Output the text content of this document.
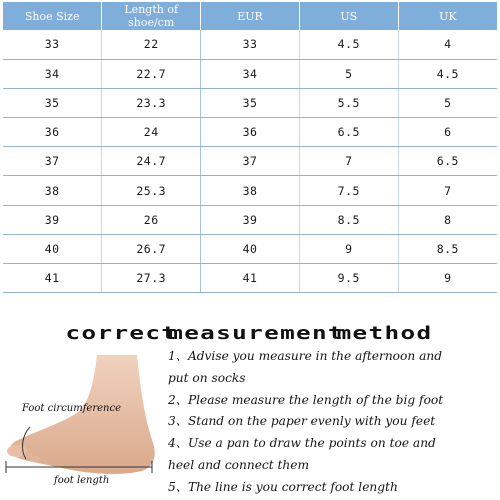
Shoe Size	Length of shoe/cm	EUR	US	UK
33	22	33	4.5	4
34	22.7	34	5	4.5
35	23.3	35	5.5	5
36	24	36	6.5	6
37	24.7	37	7	6.5
38	25.3	38	7.5	7
39	26	39	8.5	8
40	26.7	40	9	8.5
41	27.3	41	9.5	9
correct
measurement
method
Foot circumference
foot length
1、Advise you measure in the afternoon and
put on socks
2、Please measure the length of the big foot
3、Stand on the paper evenly with you feet
4、Use a pan to draw the points on toe and
heel and connect them
5、The line is you correct foot length
